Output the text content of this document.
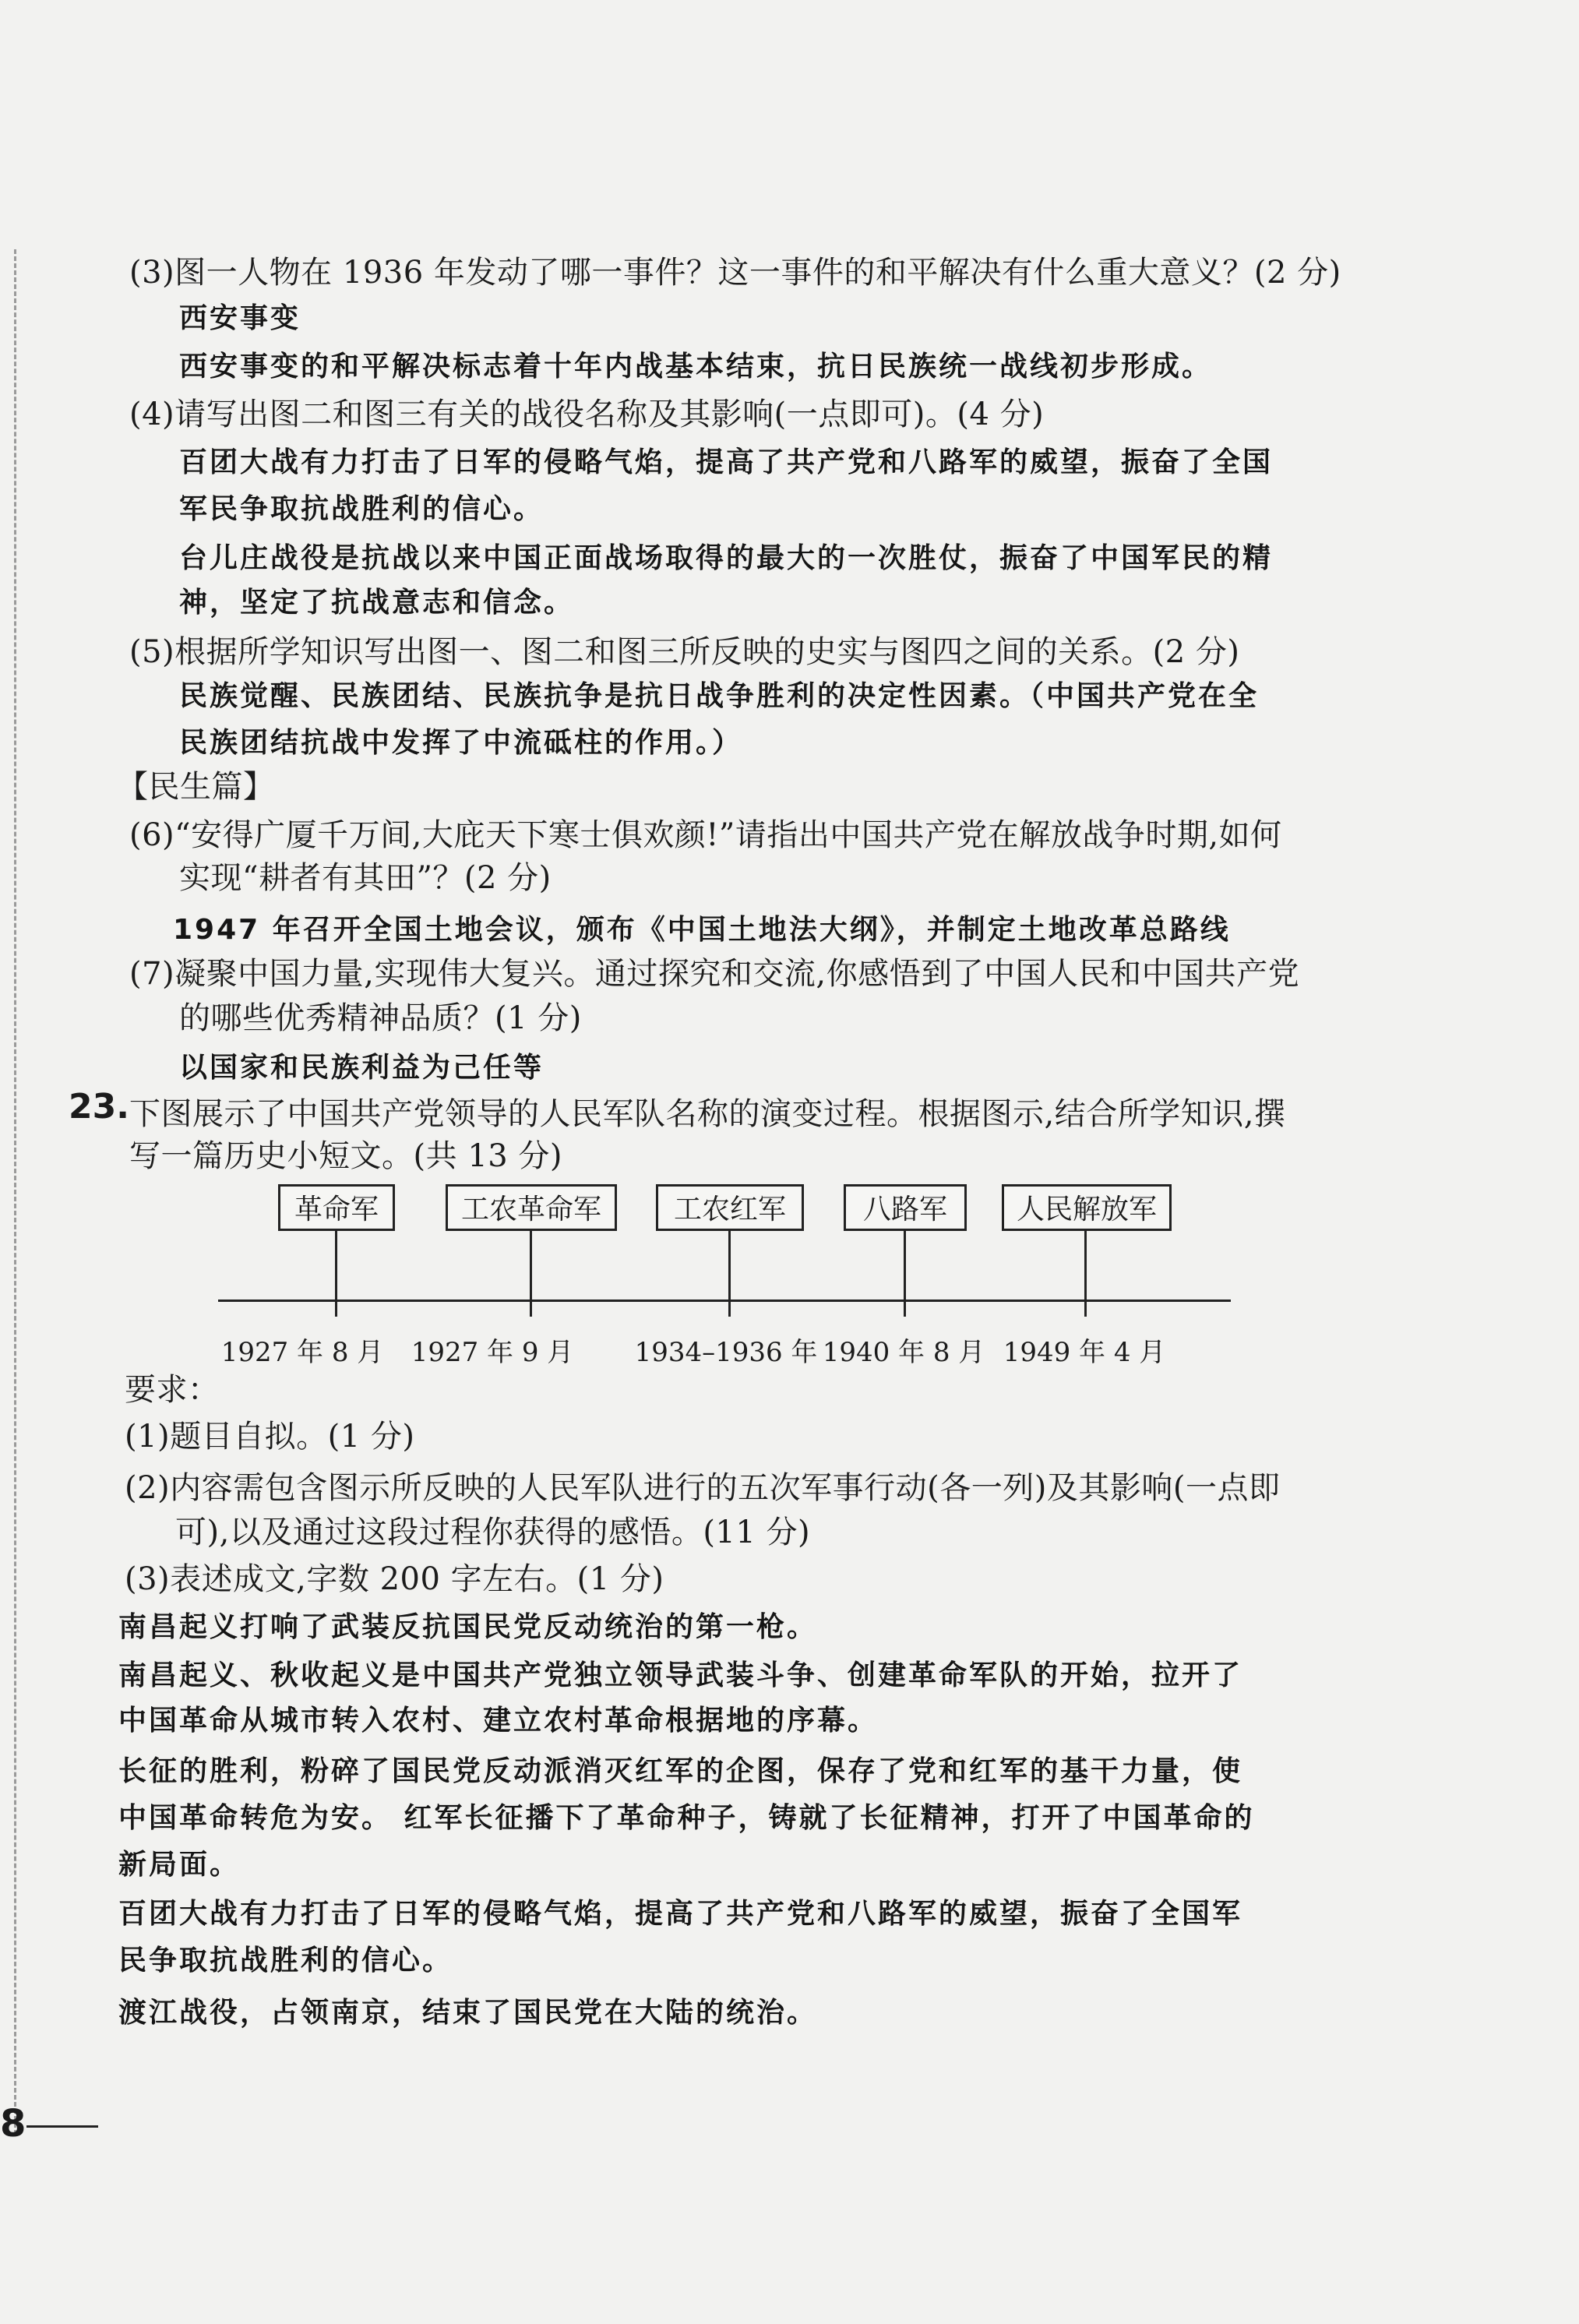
(3)图一人物在 1936 年发动了哪一事件？这一事件的和平解决有什么重大意义？(2 分)
西安事变
西安事变的和平解决标志着十年内战基本结束，抗日民族统一战线初步形成。
(4)请写出图二和图三有关的战役名称及其影响(一点即可)。(4 分)
百团大战有力打击了日军的侵略气焰，提高了共产党和八路军的威望，振奋了全国
军民争取抗战胜利的信心。
台儿庄战役是抗战以来中国正面战场取得的最大的一次胜仗，振奋了中国军民的精
神，坚定了抗战意志和信念。
(5)根据所学知识写出图一、图二和图三所反映的史实与图四之间的关系。(2 分)
民族觉醒、民族团结、民族抗争是抗日战争胜利的决定性因素。（中国共产党在全
民族团结抗战中发挥了中流砥柱的作用。）
【民生篇】
(6)“安得广厦千万间,大庇天下寒士俱欢颜!”请指出中国共产党在解放战争时期,如何
实现“耕者有其田”？(2 分)
1947 年召开全国土地会议，颁布《中国土地法大纲》，并制定土地改革总路线
(7)凝聚中国力量,实现伟大复兴。通过探究和交流,你感悟到了中国人民和中国共产党
的哪些优秀精神品质？(1 分)
以国家和民族利益为己任等
23. 下图展示了中国共产党领导的人民军队名称的演变过程。根据图示,结合所学知识,撰
写一篇历史小短文。(共 13 分)
革命军	工农革命军	工农红军	八路军	人民解放军
1927 年 8 月 1927 年 9 月 1934–1936 年 1940 年 8 月 1949 年 4 月
要求：
(1)题目自拟。(1 分)
(2)内容需包含图示所反映的人民军队进行的五次军事行动(各一列)及其影响(一点即
可),以及通过这段过程你获得的感悟。(11 分)
(3)表述成文,字数 200 字左右。(1 分)
南昌起义打响了武装反抗国民党反动统治的第一枪。
南昌起义、秋收起义是中国共产党独立领导武装斗争、创建革命军队的开始，拉开了
中国革命从城市转入农村、建立农村革命根据地的序幕。
长征的胜利，粉碎了国民党反动派消灭红军的企图，保存了党和红军的基干力量，使
中国革命转危为安。 红军长征播下了革命种子，铸就了长征精神，打开了中国革命的
新局面。
百团大战有力打击了日军的侵略气焰，提高了共产党和八路军的威望，振奋了全国军
民争取抗战胜利的信心。
渡江战役，占领南京，结束了国民党在大陆的统治。
8
